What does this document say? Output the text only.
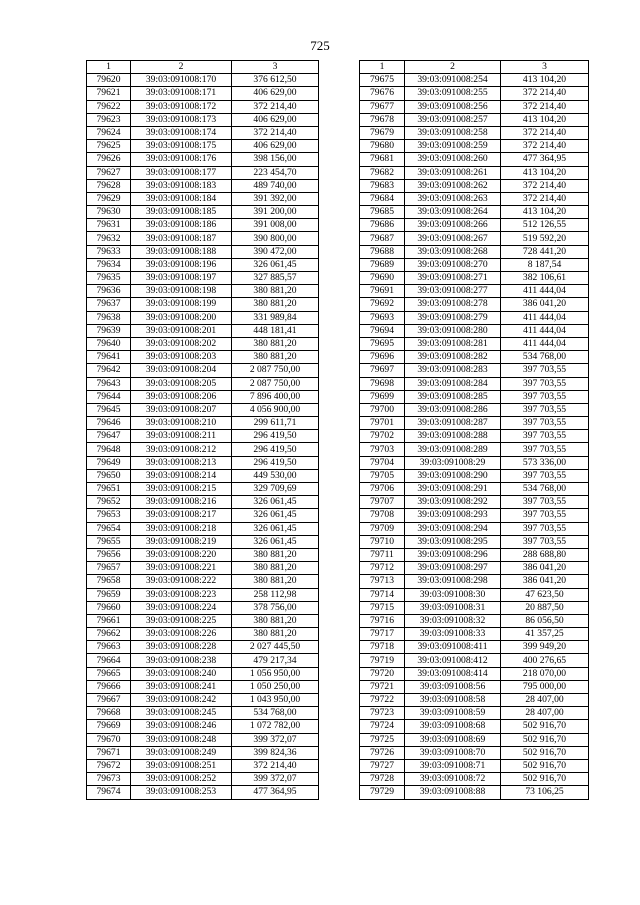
725
1	2	3
79620	39:03:091008:170	376 612,50
79621	39:03:091008:171	406 629,00
79622	39:03:091008:172	372 214,40
79623	39:03:091008:173	406 629,00
79624	39:03:091008:174	372 214,40
79625	39:03:091008:175	406 629,00
79626	39:03:091008:176	398 156,00
79627	39:03:091008:177	223 454,70
79628	39:03:091008:183	489 740,00
79629	39:03:091008:184	391 392,00
79630	39:03:091008:185	391 200,00
79631	39:03:091008:186	391 008,00
79632	39:03:091008:187	390 800,00
79633	39:03:091008:188	390 472,00
79634	39:03:091008:196	326 061,45
79635	39:03:091008:197	327 885,57
79636	39:03:091008:198	380 881,20
79637	39:03:091008:199	380 881,20
79638	39:03:091008:200	331 989,84
79639	39:03:091008:201	448 181,41
79640	39:03:091008:202	380 881,20
79641	39:03:091008:203	380 881,20
79642	39:03:091008:204	2 087 750,00
79643	39:03:091008:205	2 087 750,00
79644	39:03:091008:206	7 896 400,00
79645	39:03:091008:207	4 056 900,00
79646	39:03:091008:210	299 611,71
79647	39:03:091008:211	296 419,50
79648	39:03:091008:212	296 419,50
79649	39:03:091008:213	296 419,50
79650	39:03:091008:214	449 530,00
79651	39:03:091008:215	329 709,69
79652	39:03:091008:216	326 061,45
79653	39:03:091008:217	326 061,45
79654	39:03:091008:218	326 061,45
79655	39:03:091008:219	326 061,45
79656	39:03:091008:220	380 881,20
79657	39:03:091008:221	380 881,20
79658	39:03:091008:222	380 881,20
79659	39:03:091008:223	258 112,98
79660	39:03:091008:224	378 756,00
79661	39:03:091008:225	380 881,20
79662	39:03:091008:226	380 881,20
79663	39:03:091008:228	2 027 445,50
79664	39:03:091008:238	479 217,34
79665	39:03:091008:240	1 056 950,00
79666	39:03:091008:241	1 050 250,00
79667	39:03:091008:242	1 043 950,00
79668	39:03:091008:245	534 768,00
79669	39:03:091008:246	1 072 782,00
79670	39:03:091008:248	399 372,07
79671	39:03:091008:249	399 824,36
79672	39:03:091008:251	372 214,40
79673	39:03:091008:252	399 372,07
79674	39:03:091008:253	477 364,95
1	2	3
79675	39:03:091008:254	413 104,20
79676	39:03:091008:255	372 214,40
79677	39:03:091008:256	372 214,40
79678	39:03:091008:257	413 104,20
79679	39:03:091008:258	372 214,40
79680	39:03:091008:259	372 214,40
79681	39:03:091008:260	477 364,95
79682	39:03:091008:261	413 104,20
79683	39:03:091008:262	372 214,40
79684	39:03:091008:263	372 214,40
79685	39:03:091008:264	413 104,20
79686	39:03:091008:266	512 126,55
79687	39:03:091008:267	519 592,20
79688	39:03:091008:268	728 441,20
79689	39:03:091008:270	8 187,54
79690	39:03:091008:271	382 106,61
79691	39:03:091008:277	411 444,04
79692	39:03:091008:278	386 041,20
79693	39:03:091008:279	411 444,04
79694	39:03:091008:280	411 444,04
79695	39:03:091008:281	411 444,04
79696	39:03:091008:282	534 768,00
79697	39:03:091008:283	397 703,55
79698	39:03:091008:284	397 703,55
79699	39:03:091008:285	397 703,55
79700	39:03:091008:286	397 703,55
79701	39:03:091008:287	397 703,55
79702	39:03:091008:288	397 703,55
79703	39:03:091008:289	397 703,55
79704	39:03:091008:29	573 336,00
79705	39:03:091008:290	397 703,55
79706	39:03:091008:291	534 768,00
79707	39:03:091008:292	397 703,55
79708	39:03:091008:293	397 703,55
79709	39:03:091008:294	397 703,55
79710	39:03:091008:295	397 703,55
79711	39:03:091008:296	288 688,80
79712	39:03:091008:297	386 041,20
79713	39:03:091008:298	386 041,20
79714	39:03:091008:30	47 623,50
79715	39:03:091008:31	20 887,50
79716	39:03:091008:32	86 056,50
79717	39:03:091008:33	41 357,25
79718	39:03:091008:411	399 949,20
79719	39:03:091008:412	400 276,65
79720	39:03:091008:414	218 070,00
79721	39:03:091008:56	795 000,00
79722	39:03:091008:58	28 407,00
79723	39:03:091008:59	28 407,00
79724	39:03:091008:68	502 916,70
79725	39:03:091008:69	502 916,70
79726	39:03:091008:70	502 916,70
79727	39:03:091008:71	502 916,70
79728	39:03:091008:72	502 916,70
79729	39:03:091008:88	73 106,25
